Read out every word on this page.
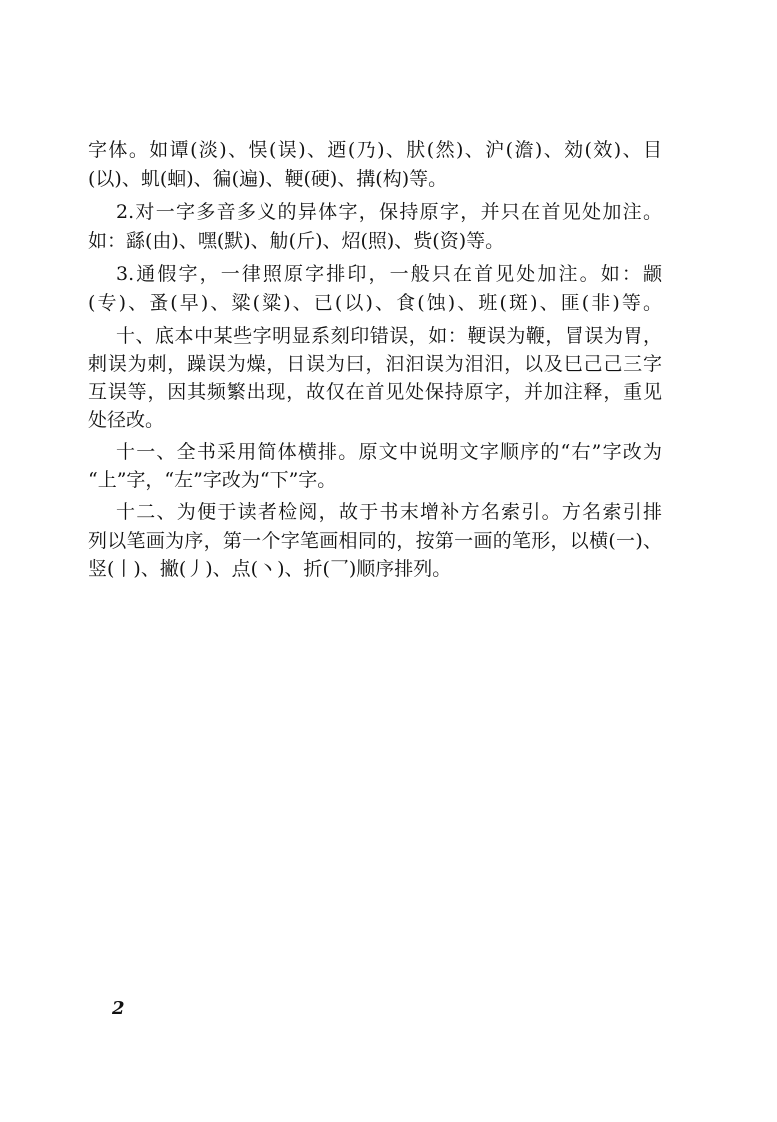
字体。如谭(淡)、悮(误)、迺(乃)、肰(然)、沪(澹)、効(效)、目
(以)、虮(蛔)、徧(遍)、鞕(硬)、搆(构)等。
2.对一字多音多义的异体字，保持原字，并只在首见处加注。
如：繇(由)、嘿(默)、觔(斤)、炤(照)、赀(资)等。
3.通假字，一律照原字排印，一般只在首见处加注。如：颛
(专)、蚤(早)、粱(粱)、已(以)、食(蚀)、班(斑)、匪(非)等。
十、底本中某些字明显系刻印错误，如：鞕误为鞭，冒误为胃，
剌误为刺，躁误为燥，日误为曰，汩汩误为泪汨，以及巳己己三字
互误等，因其频繁出现，故仅在首见处保持原字，并加注释，重见
处径改。
十一、全书采用简体横排。原文中说明文字顺序的“右”字改为
“上”字，“左”字改为“下”字。
十二、为便于读者检阅，故于书末增补方名索引。方名索引排
列以笔画为序，第一个字笔画相同的，按第一画的笔形，以横(一)、
竖(丨)、撇(丿)、点(丶)、折(乛)顺序排列。
2
